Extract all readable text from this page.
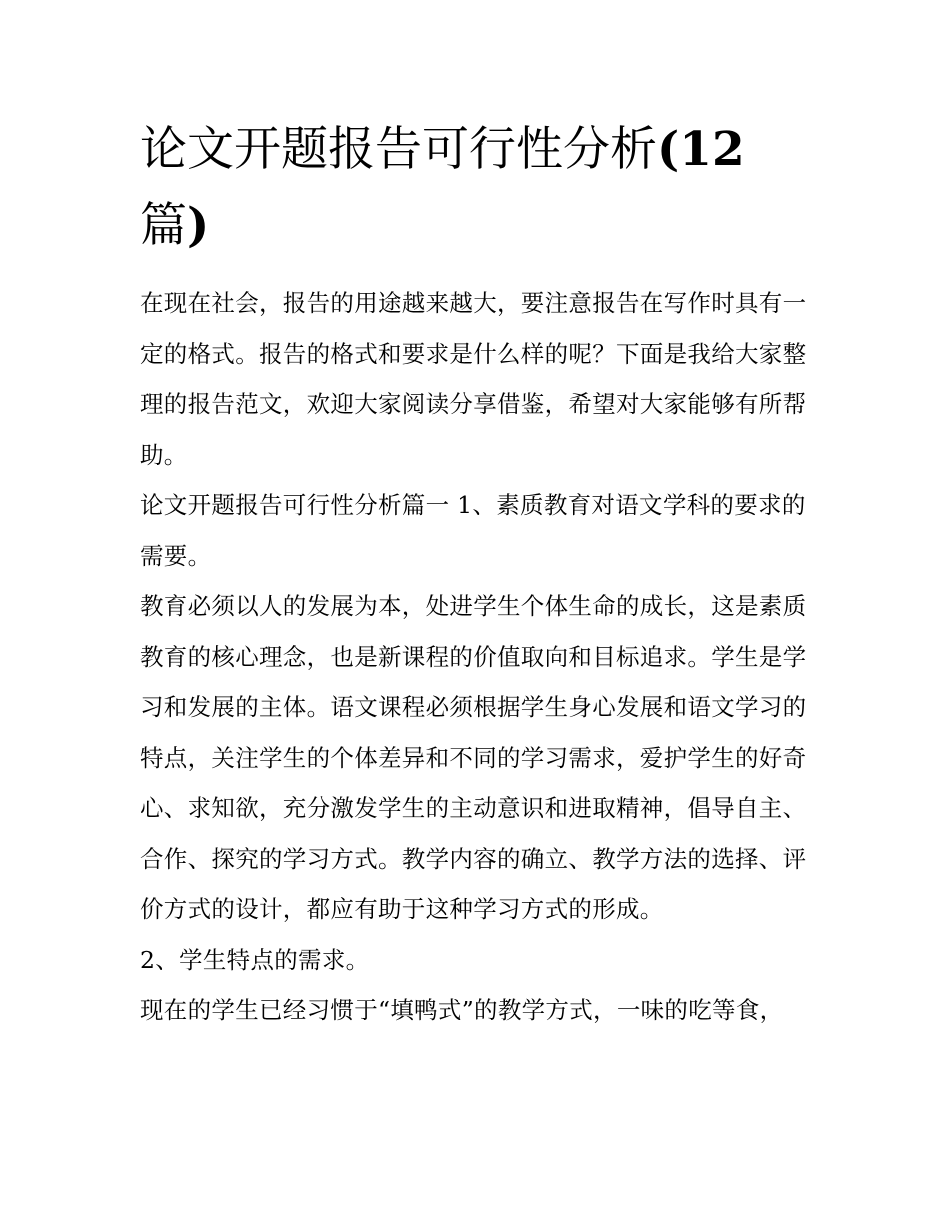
论文开题报告可行性分析(12
篇)

在现在社会，报告的用途越来越大，要注意报告在写作时具有一定的格式。报告的格式和要求是什么样的呢？下面是我给大家整理的报告范文，欢迎大家阅读分享借鉴，希望对大家能够有所帮助。

论文开题报告可行性分析篇一 1、素质教育对语文学科的要求的需要。

教育必须以人的发展为本，处进学生个体生命的成长，这是素质教育的核心理念，也是新课程的价值取向和目标追求。学生是学习和发展的主体。语文课程必须根据学生身心发展和语文学习的特点，关注学生的个体差异和不同的学习需求，爱护学生的好奇心、求知欲，充分激发学生的主动意识和进取精神，倡导自主、合作、探究的学习方式。教学内容的确立、教学方法的选择、评价方式的设计，都应有助于这种学习方式的形成。

2、学生特点的需求。

现在的学生已经习惯于“填鸭式”的教学方式，一味的吃等食，
